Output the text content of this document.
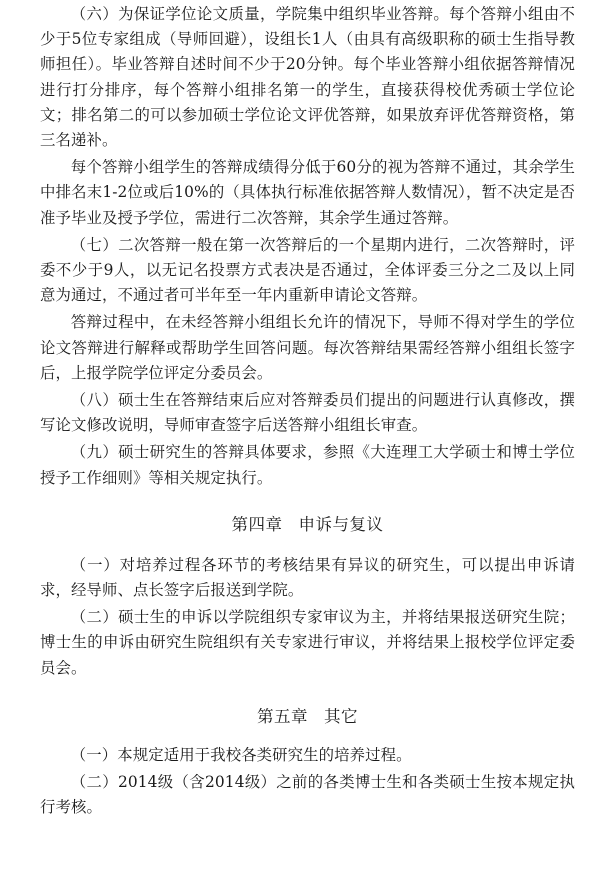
（六）为保证学位论文质量，学院集中组织毕业答辩。每个答辩小组由不少于5位专家组成（导师回避），设组长1人（由具有高级职称的硕士生指导教师担任）。毕业答辩自述时间不少于20分钟。每个毕业答辩小组依据答辩情况进行打分排序，每个答辩小组排名第一的学生，直接获得校优秀硕士学位论文；排名第二的可以参加硕士学位论文评优答辩，如果放弃评优答辩资格，第三名递补。

每个答辩小组学生的答辩成绩得分低于60分的视为答辩不通过，其余学生中排名末1-2位或后10%的（具体执行标准依据答辩人数情况），暂不决定是否准予毕业及授予学位，需进行二次答辩，其余学生通过答辩。

（七）二次答辩一般在第一次答辩后的一个星期内进行，二次答辩时，评委不少于9人，以无记名投票方式表决是否通过，全体评委三分之二及以上同意为通过，不通过者可半年至一年内重新申请论文答辩。

答辩过程中，在未经答辩小组组长允许的情况下，导师不得对学生的学位论文答辩进行解释或帮助学生回答问题。每次答辩结果需经答辩小组组长签字后，上报学院学位评定分委员会。

（八）硕士生在答辩结束后应对答辩委员们提出的问题进行认真修改，撰写论文修改说明，导师审查签字后送答辩小组组长审查。

（九）硕士研究生的答辩具体要求，参照《大连理工大学硕士和博士学位授予工作细则》等相关规定执行。

第四章 申诉与复议

（一）对培养过程各环节的考核结果有异议的研究生，可以提出申诉请求，经导师、点长签字后报送到学院。

（二）硕士生的申诉以学院组织专家审议为主，并将结果报送研究生院；博士生的申诉由研究生院组织有关专家进行审议，并将结果上报校学位评定委员会。

第五章 其它

（一）本规定适用于我校各类研究生的培养过程。

（二）2014级（含2014级）之前的各类博士生和各类硕士生按本规定执行考核。
